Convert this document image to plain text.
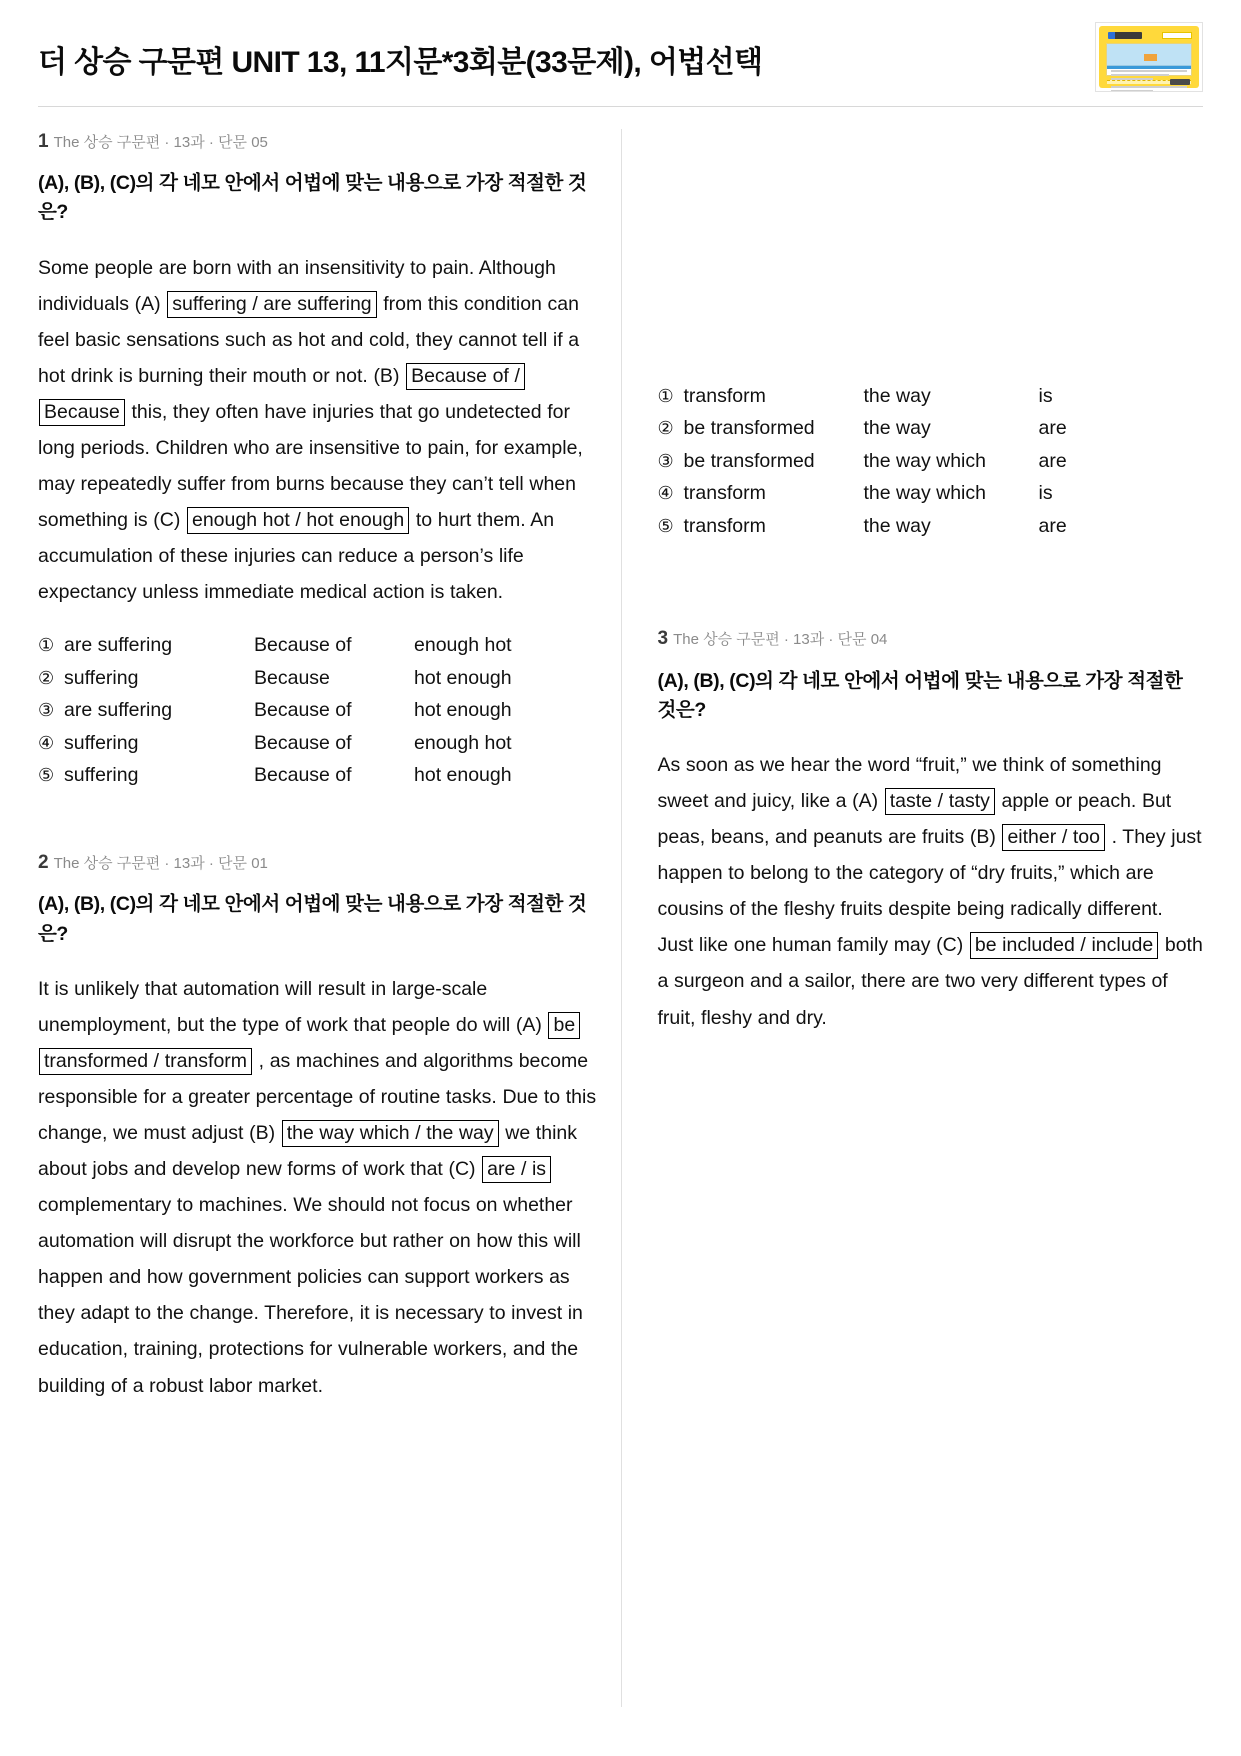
더 상승 구문편 UNIT 13, 11지문*3회분(33문제), 어법선택
1 The 상승 구문편 · 13과 · 단문 05
(A), (B), (C)의 각 네모 안에서 어법에 맞는 내용으로 가장 적절한 것은?
Some people are born with an insensitivity to pain. Although individuals (A) suffering / are suffering from this condition can feel basic sensations such as hot and cold, they cannot tell if a hot drink is burning their mouth or not. (B) Because of / Because this, they often have injuries that go undetected for long periods. Children who are insensitive to pain, for example, may repeatedly suffer from burns because they can’t tell when something is (C) enough hot / hot enough to hurt them. An accumulation of these injuries can reduce a person’s life expectancy unless immediate medical action is taken.
① are suffering	Because of	enough hot
② suffering	Because	hot enough
③ are suffering	Because of	hot enough
④ suffering	Because of	enough hot
⑤ suffering	Because of	hot enough
2 The 상승 구문편 · 13과 · 단문 01
(A), (B), (C)의 각 네모 안에서 어법에 맞는 내용으로 가장 적절한 것은?
It is unlikely that automation will result in large-scale unemployment, but the type of work that people do will (A) be transformed / transform , as machines and algorithms become responsible for a greater percentage of routine tasks. Due to this change, we must adjust (B) the way which / the way we think about jobs and develop new forms of work that (C) are / is complementary to machines. We should not focus on whether automation will disrupt the workforce but rather on how this will happen and how government policies can support workers as they adapt to the change. Therefore, it is necessary to invest in education, training, protections for vulnerable workers, and the building of a robust labor market.
① transform	the way	is
② be transformed	the way	are
③ be transformed	the way which	are
④ transform	the way which	is
⑤ transform	the way	are
3 The 상승 구문편 · 13과 · 단문 04
(A), (B), (C)의 각 네모 안에서 어법에 맞는 내용으로 가장 적절한 것은?
As soon as we hear the word “fruit,” we think of something sweet and juicy, like a (A) taste / tasty apple or peach. But peas, beans, and peanuts are fruits (B) either / too . They just happen to belong to the category of “dry fruits,” which are cousins of the fleshy fruits despite being radically different. Just like one human family may (C) be included / include both a surgeon and a sailor, there are two very different types of fruit, fleshy and dry.
